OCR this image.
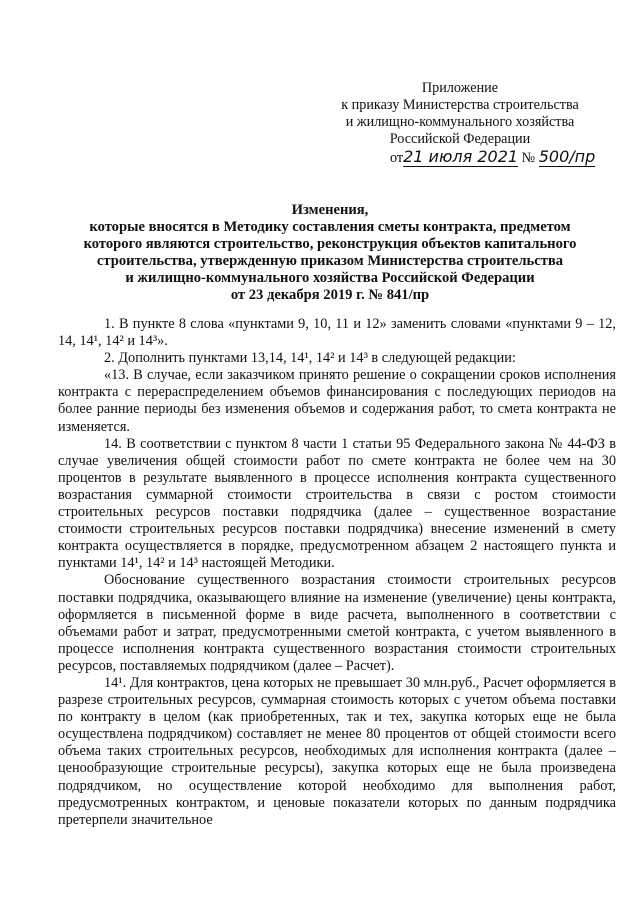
Приложение
к приказу Министерства строительства
и жилищно-коммунального хозяйства
Российской Федерации
от21 июля 2021 № 500/пр
Изменения,
которые вносятся в Методику составления сметы контракта, предметом
которого являются строительство, реконструкция объектов капитального
строительства, утвержденную приказом Министерства строительства
и жилищно-коммунального хозяйства Российской Федерации
от 23 декабря 2019 г. № 841/пр

1. В пункте 8 слова «пунктами 9, 10, 11 и 12» заменить словами «пунктами 9 – 12, 14, 14¹, 14² и 14³».

2. Дополнить пунктами 13,14, 14¹, 14² и 14³ в следующей редакции:

«13. В случае, если заказчиком принято решение о сокращении сроков исполнения контракта с перераспределением объемов финансирования с последующих периодов на более ранние периоды без изменения объемов и содержания работ, то смета контракта не изменяется.

14. В соответствии с пунктом 8 части 1 статьи 95 Федерального закона № 44-ФЗ в случае увеличения общей стоимости работ по смете контракта не более чем на 30 процентов в результате выявленного в процессе исполнения контракта существенного возрастания суммарной стоимости строительства в связи с ростом стоимости строительных ресурсов поставки подрядчика (далее – существенное возрастание стоимости строительных ресурсов поставки подрядчика) внесение изменений в смету контракта осуществляется в порядке, предусмотренном абзацем 2 настоящего пункта и пунктами 14¹, 14² и 14³ настоящей Методики.

Обоснование существенного возрастания стоимости строительных ресурсов поставки подрядчика, оказывающего влияние на изменение (увеличение) цены контракта, оформляется в письменной форме в виде расчета, выполненного в соответствии с объемами работ и затрат, предусмотренными сметой контракта, с учетом выявленного в процессе исполнения контракта существенного возрастания стоимости строительных ресурсов, поставляемых подрядчиком (далее – Расчет).

14¹. Для контрактов, цена которых не превышает 30 млн.руб., Расчет оформляется в разрезе строительных ресурсов, суммарная стоимость которых с учетом объема поставки по контракту в целом (как приобретенных, так и тех, закупка которых еще не была осуществлена подрядчиком) составляет не менее 80 процентов от общей стоимости всего объема таких строительных ресурсов, необходимых для исполнения контракта (далее – ценообразующие строительные ресурсы), закупка которых еще не была произведена подрядчиком, но осуществление которой необходимо для выполнения работ, предусмотренных контрактом, и ценовые показатели которых по данным подрядчика претерпели значительное
